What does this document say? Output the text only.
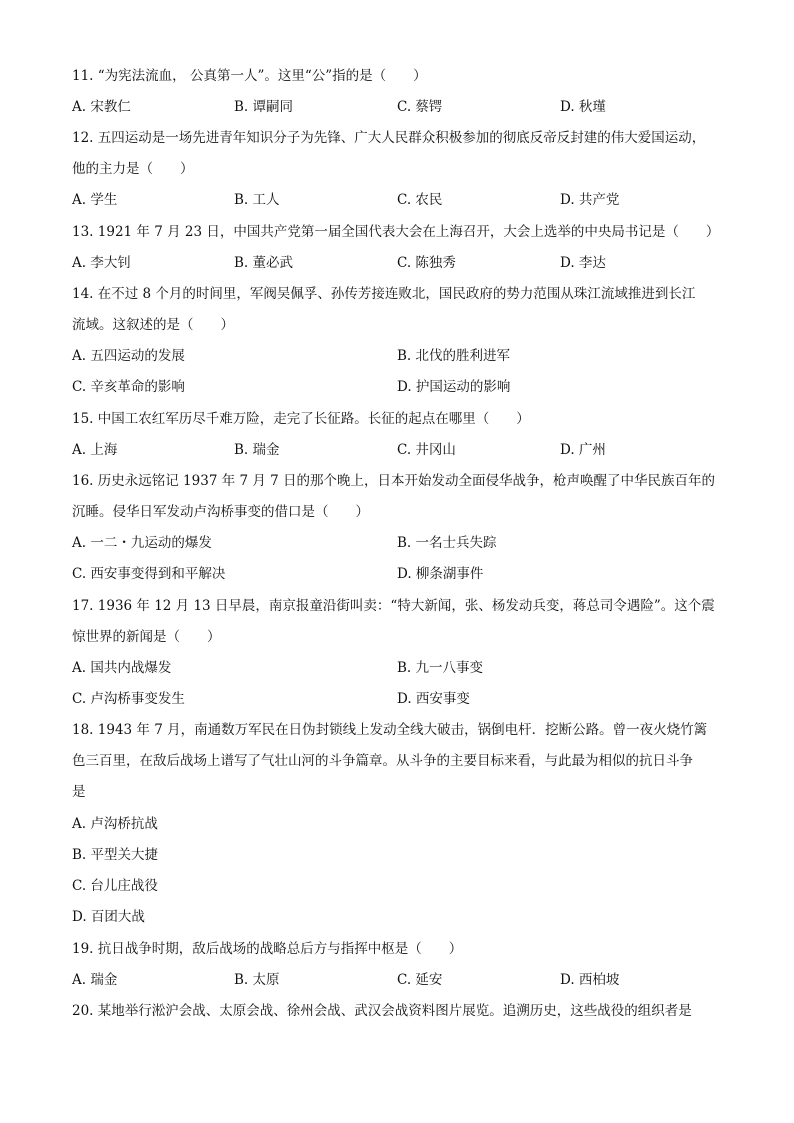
11. “为宪法流血， 公真第一人”。这里“公”指的是（　　）
A. 宋教仁	B. 谭嗣同	C. 蔡锷	D. 秋瑾
12. 五四运动是一场先进青年知识分子为先锋、广大人民群众积极参加的彻底反帝反封建的伟大爱国运动，
他的主力是（　　）
A. 学生	B. 工人	C. 农民	D. 共产党
13. 1921 年 7 月 23 日，中国共产党第一届全国代表大会在上海召开，大会上选举的中央局书记是（　　）
A. 李大钊	B. 董必武	C. 陈独秀	D. 李达
14. 在不过 8 个月的时间里，军阀吴佩孚、孙传芳接连败北，国民政府的势力范围从珠江流域推进到长江
流域。这叙述的是（　　）
A. 五四运动的发展	B. 北伐的胜利进军
C. 辛亥革命的影响	D. 护国运动的影响
15. 中国工农红军历尽千难万险，走完了长征路。长征的起点在哪里（　　）
A. 上海	B. 瑞金	C. 井冈山	D. 广州
16. 历史永远铭记 1937 年 7 月 7 日的那个晚上，日本开始发动全面侵华战争，枪声唤醒了中华民族百年的
沉睡。侵华日军发动卢沟桥事变的借口是（　　）
A. 一二・九运动的爆发	B. 一名士兵失踪
C. 西安事变得到和平解决	D. 柳条湖事件
17. 1936 年 12 月 13 日早晨，南京报童沿街叫卖：“特大新闻，张、杨发动兵变，蒋总司令遇险”。这个震
惊世界的新闻是（　　）
A. 国共内战爆发	B. 九一八事变
C. 卢沟桥事变发生	D. 西安事变
18. 1943 年 7 月，南通数万军民在日伪封锁线上发动全线大破击，锅倒电杆．挖断公路。曾一夜火烧竹篱
色三百里，在敌后战场上谱写了气壮山河的斗争篇章。从斗争的主要目标来看，与此最为相似的抗日斗争
是
A. 卢沟桥抗战
B. 平型关大捷
C. 台儿庄战役
D. 百团大战
19. 抗日战争时期，敌后战场的战略总后方与指挥中枢是（　　）
A. 瑞金	B. 太原	C. 延安	D. 西柏坡
20. 某地举行淞沪会战、太原会战、徐州会战、武汉会战资料图片展览。追溯历史，这些战役的组织者是
